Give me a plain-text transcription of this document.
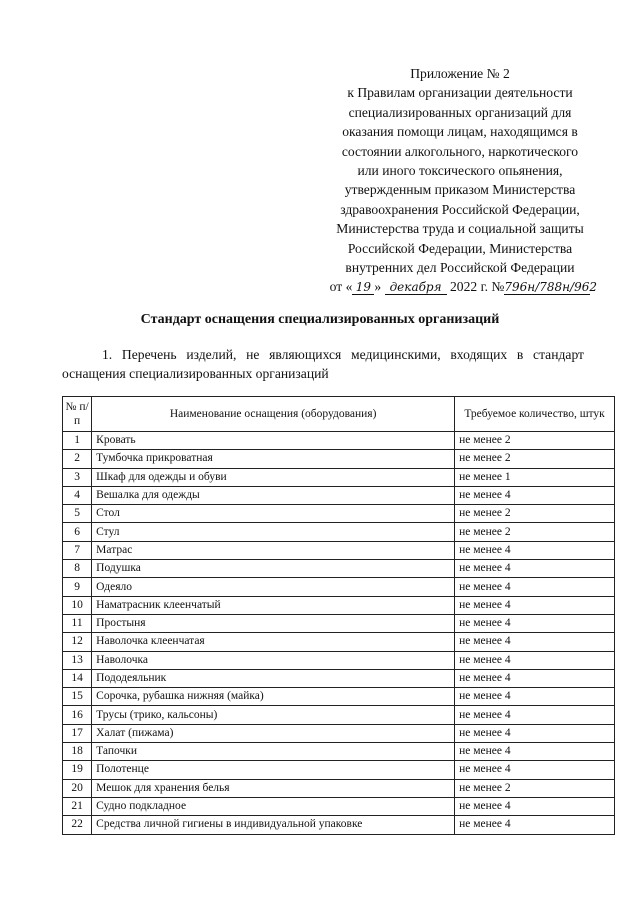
Приложение № 2
к Правилам организации деятельности
специализированных организаций для
оказания помощи лицам, находящимся в
состоянии алкогольного, наркотического
или иного токсического опьянения,
утвержденным приказом Министерства
здравоохранения Российской Федерации,
Министерства труда и социальной защиты
Российской Федерации, Министерства
внутренних дел Российской Федерации
от « 19 » декабря 2022 г. №796н/788н/962
Стандарт оснащения специализированных организаций
1. Перечень изделий, не являющихся медицинскими, входящих в стандарт оснащения специализированных организаций
№ п/п	Наименование оснащения (оборудования)	Требуемое количество, штук
1	Кровать	не менее 2
2	Тумбочка прикроватная	не менее 2
3	Шкаф для одежды и обуви	не менее 1
4	Вешалка для одежды	не менее 4
5	Стол	не менее 2
6	Стул	не менее 2
7	Матрас	не менее 4
8	Подушка	не менее 4
9	Одеяло	не менее 4
10	Наматрасник клеенчатый	не менее 4
11	Простыня	не менее 4
12	Наволочка клеенчатая	не менее 4
13	Наволочка	не менее 4
14	Пододеяльник	не менее 4
15	Сорочка, рубашка нижняя (майка)	не менее 4
16	Трусы (трико, кальсоны)	не менее 4
17	Халат (пижама)	не менее 4
18	Тапочки	не менее 4
19	Полотенце	не менее 4
20	Мешок для хранения белья	не менее 2
21	Судно подкладное	не менее 4
22	Средства личной гигиены в индивидуальной упаковке	не менее 4
